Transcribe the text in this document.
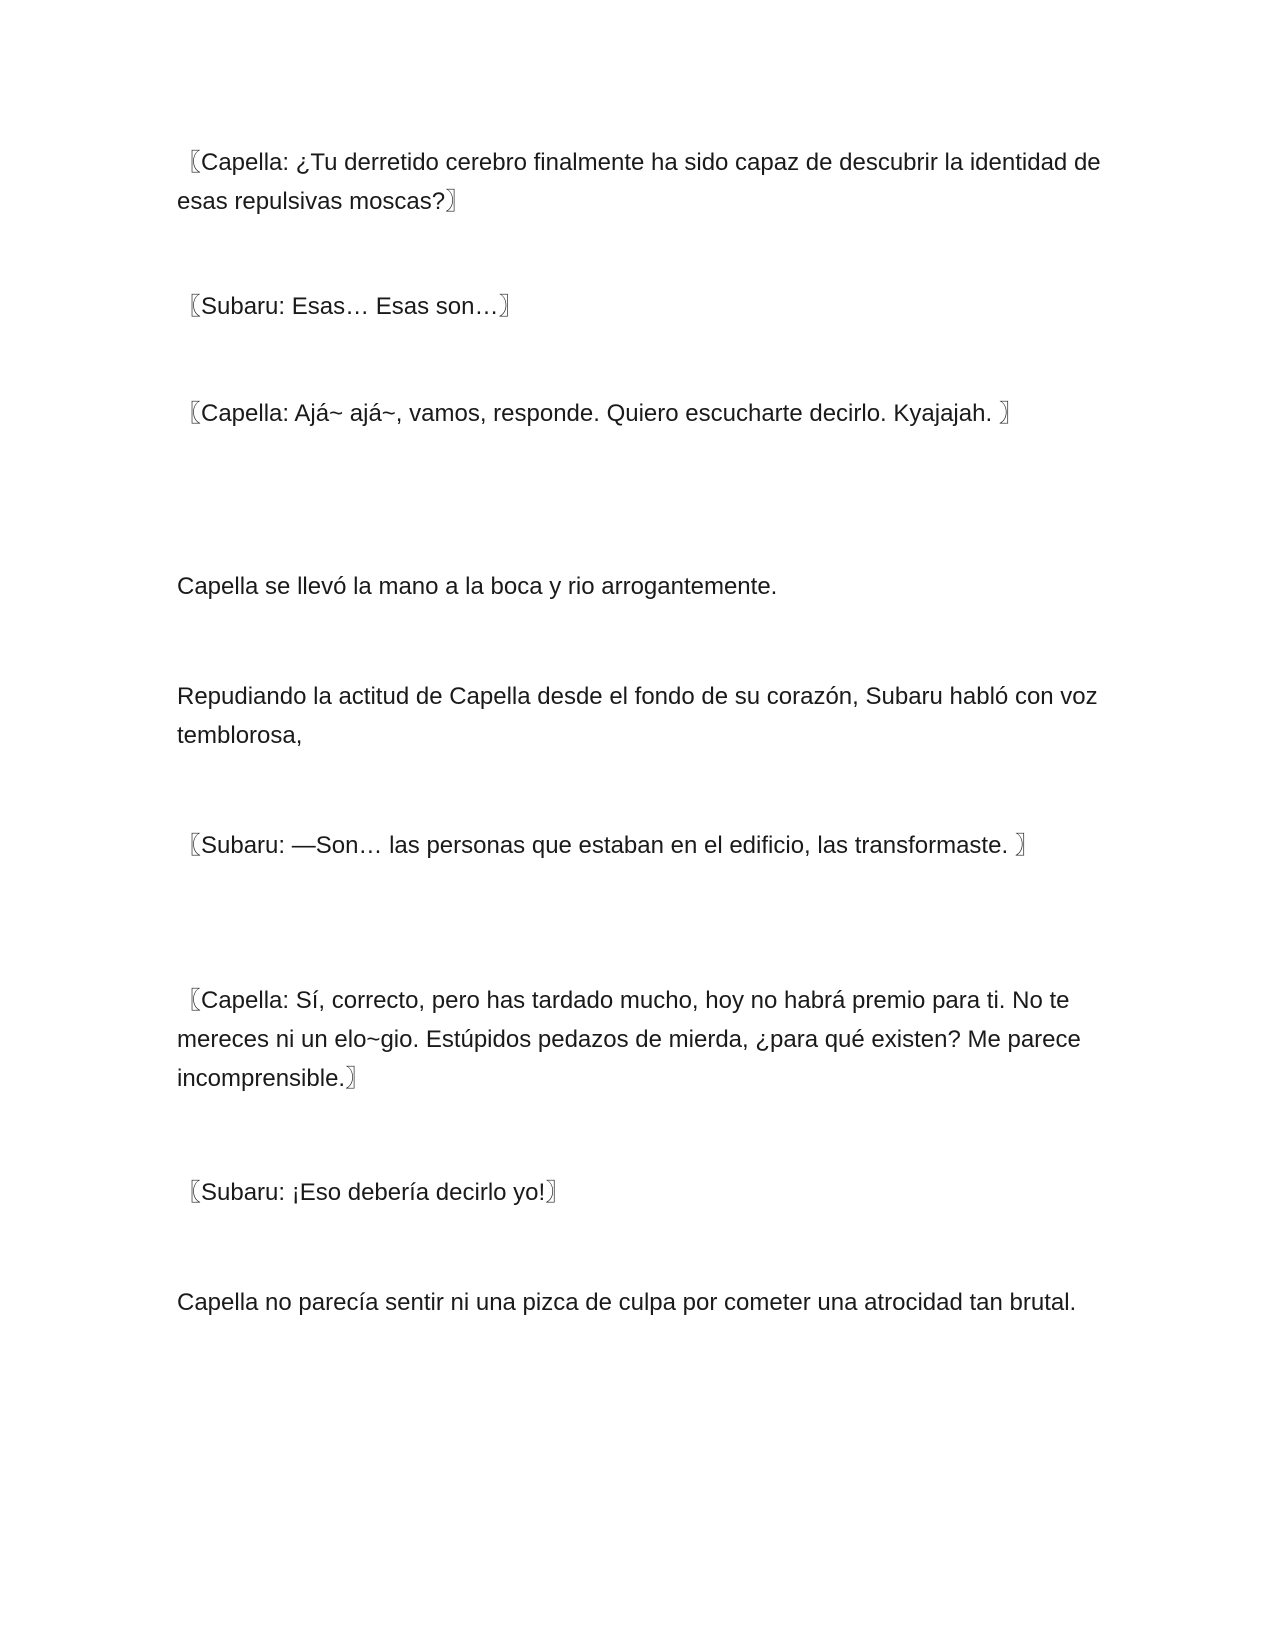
〖Capella: ¿Tu derretido cerebro finalmente ha sido capaz de descubrir la identidad de esas repulsivas moscas?〗

〖Subaru: Esas… Esas son…〗

〖Capella: Ajá~ ajá~, vamos, responde. Quiero escucharte decirlo. Kyajajah. 〗

Capella se llevó la mano a la boca y rio arrogantemente.

Repudiando la actitud de Capella desde el fondo de su corazón, Subaru habló con voz temblorosa,

〖Subaru: —Son… las personas que estaban en el edificio, las transformaste. 〗

〖Capella: Sí, correcto, pero has tardado mucho, hoy no habrá premio para ti. No te mereces ni un elo~gio. Estúpidos pedazos de mierda, ¿para qué existen? Me parece incomprensible.〗

〖Subaru: ¡Eso debería decirlo yo!〗

Capella no parecía sentir ni una pizca de culpa por cometer una atrocidad tan brutal.
